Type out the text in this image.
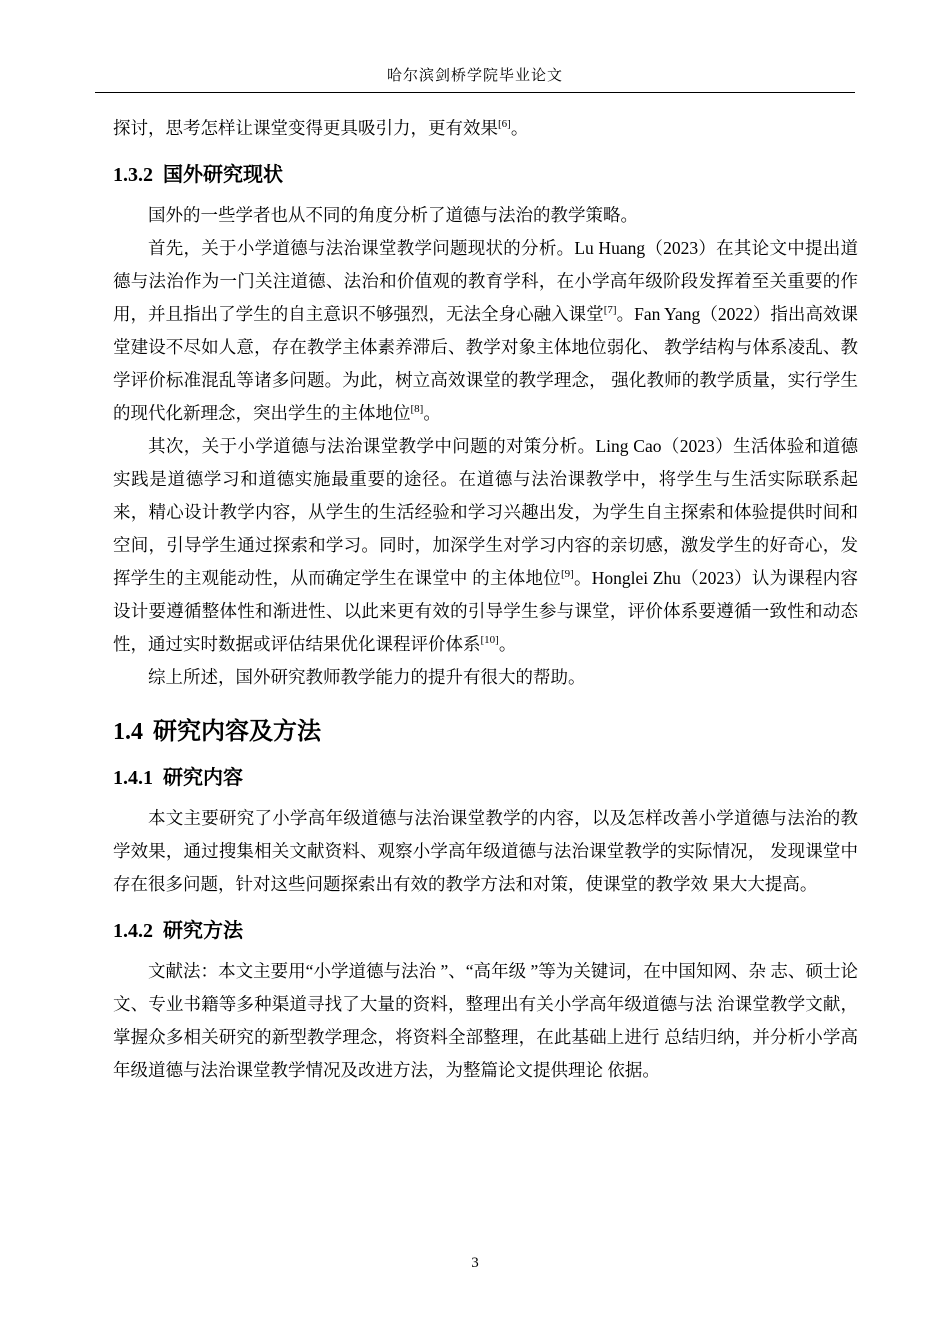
哈尔滨剑桥学院毕业论文

探讨，思考怎样让课堂变得更具吸引力，更有效果[6]。

1.3.2 国外研究现状

国外的一些学者也从不同的角度分析了道德与法治的教学策略。

首先，关于小学道德与法治课堂教学问题现状的分析。Lu Huang（2023）在其论文中提出道德与法治作为一门关注道德、法治和价值观的教育学科，在小学高年级阶段发挥着至关重要的作用，并且指出了学生的自主意识不够强烈，无法全身心融入课堂[7]。Fan Yang（2022）指出高效课堂建设不尽如人意，存在教学主体素养滞后、教学对象主体地位弱化、 教学结构与体系凌乱、教学评价标准混乱等诸多问题。为此，树立高效课堂的教学理念， 强化教师的教学质量，实行学生的现代化新理念，突出学生的主体地位[8]。

其次，关于小学道德与法治课堂教学中问题的对策分析。Ling Cao（2023）生活体验和道德实践是道德学习和道德实施最重要的途径。在道德与法治课教学中，将学生与生活实际联系起来，精心设计教学内容，从学生的生活经验和学习兴趣出发，为学生自主探索和体验提供时间和空间，引导学生通过探索和学习。同时，加深学生对学习内容的亲切感，激发学生的好奇心，发挥学生的主观能动性，从而确定学生在课堂中 的主体地位[9]。Honglei Zhu（2023）认为课程内容设计要遵循整体性和渐进性、以此来更有效的引导学生参与课堂，评价体系要遵循一致性和动态性，通过实时数据或评估结果优化课程评价体系[10]。

综上所述，国外研究教师教学能力的提升有很大的帮助。

1.4 研究内容及方法
1.4.1 研究内容

本文主要研究了小学高年级道德与法治课堂教学的内容，以及怎样改善小学道德与法治的教学效果，通过搜集相关文献资料、观察小学高年级道德与法治课堂教学的实际情况， 发现课堂中存在很多问题，针对这些问题探索出有效的教学方法和对策，使课堂的教学效 果大大提高。

1.4.2 研究方法

文献法：本文主要用“小学道德与法治 ”、“高年级 ”等为关键词，在中国知网、杂 志、硕士论文、专业书籍等多种渠道寻找了大量的资料，整理出有关小学高年级道德与法 治课堂教学文献，掌握众多相关研究的新型教学理念，将资料全部整理，在此基础上进行 总结归纳，并分析小学高年级道德与法治课堂教学情况及改进方法，为整篇论文提供理论 依据。

3
